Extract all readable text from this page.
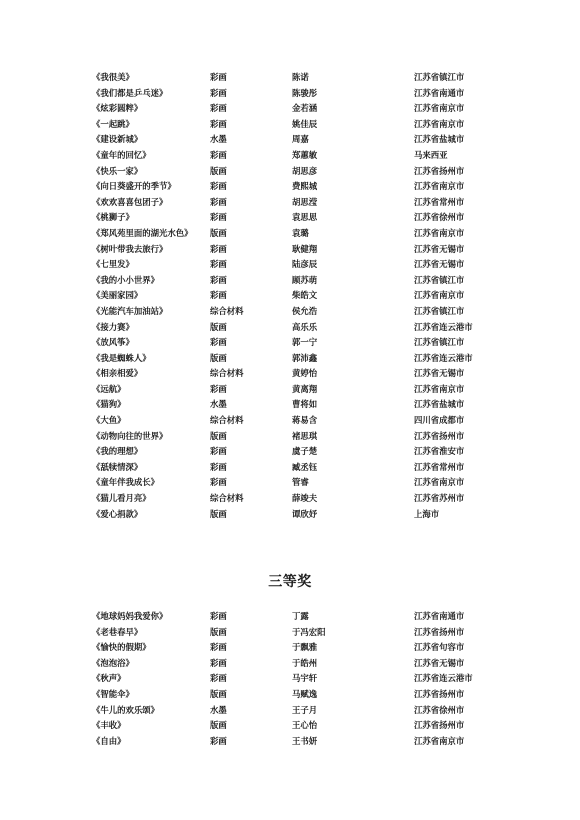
《我很美》	彩画	陈诺	江苏省镇江市
《我们都是乒乓迷》	彩画	陈骏彤	江苏省南通市
《炫彩圆粹》	彩画	金若涵	江苏省南京市
《一起跳》	彩画	姚佳辰	江苏省南京市
《建设新城》	水墨	周嘉	江苏省盐城市
《童年的回忆》	彩画	郑蕙敏	马来西亚
《快乐一家》	版画	胡思彦	江苏省扬州市
《向日葵盛开的季节》	彩画	费熙城	江苏省南京市
《欢欢喜喜包团子》	彩画	胡思滢	江苏省常州市
《桃狮子》	彩画	袁思思	江苏省徐州市
《郑风苑里面的湖光水色》 版画	袁璐	江苏省南京市
《树叶带我去旅行》	彩画	耿健翔	江苏省无锡市
《七里发》	彩画	陆彦辰	江苏省无锡市
《我的小小世界》	彩画	顾苏萌	江苏省镇江市
《美丽家园》	彩画	柴皓文	江苏省南京市
《光能汽车加油站》	综合材料	侯允浩	江苏省镇江市
《接力赛》	版画	高乐乐	江苏省连云港市
《放风筝》	彩画	郭一宁	江苏省镇江市
《我是蜘蛛人》	版画	郭沛鑫	江苏省连云港市
《相亲相爱》	综合材料	黄婷怡	江苏省无锡市
《远航》	彩画	黄离翔	江苏省南京市
《猫狗》	水墨	曹将如	江苏省盐城市
《大鱼》	综合材料	蒋易含	四川省成都市
《动物向往的世界》	版画	褚思琪	江苏省扬州市
《我的理想》	彩画	虞子楚	江苏省淮安市
《舐犊情深》	彩画	臧丞钰	江苏省常州市
《童年伴我成长》	彩画	管睿	江苏省南京市
《猫儿看月亮》	综合材料	薛竣夫	江苏省苏州市
《爱心捐款》	版画	谭欣妤	上海市
三等奖
《地球妈妈我爱你》	彩画	丁露	江苏省南通市
《老巷春早》	版画	于冯宏阳	江苏省扬州市
《愉快的假期》	彩画	于飘雅	江苏省句容市
《泡泡浴》	彩画	于皓州	江苏省无锡市
《秋声》	彩画	马宇轩	江苏省连云港市
《智能伞》	版画	马赋逸	江苏省扬州市
《牛儿的欢乐颂》	水墨	王子月	江苏省徐州市
《丰收》	版画	王心怡	江苏省扬州市
《自由》	彩画	王书妍	江苏省南京市
